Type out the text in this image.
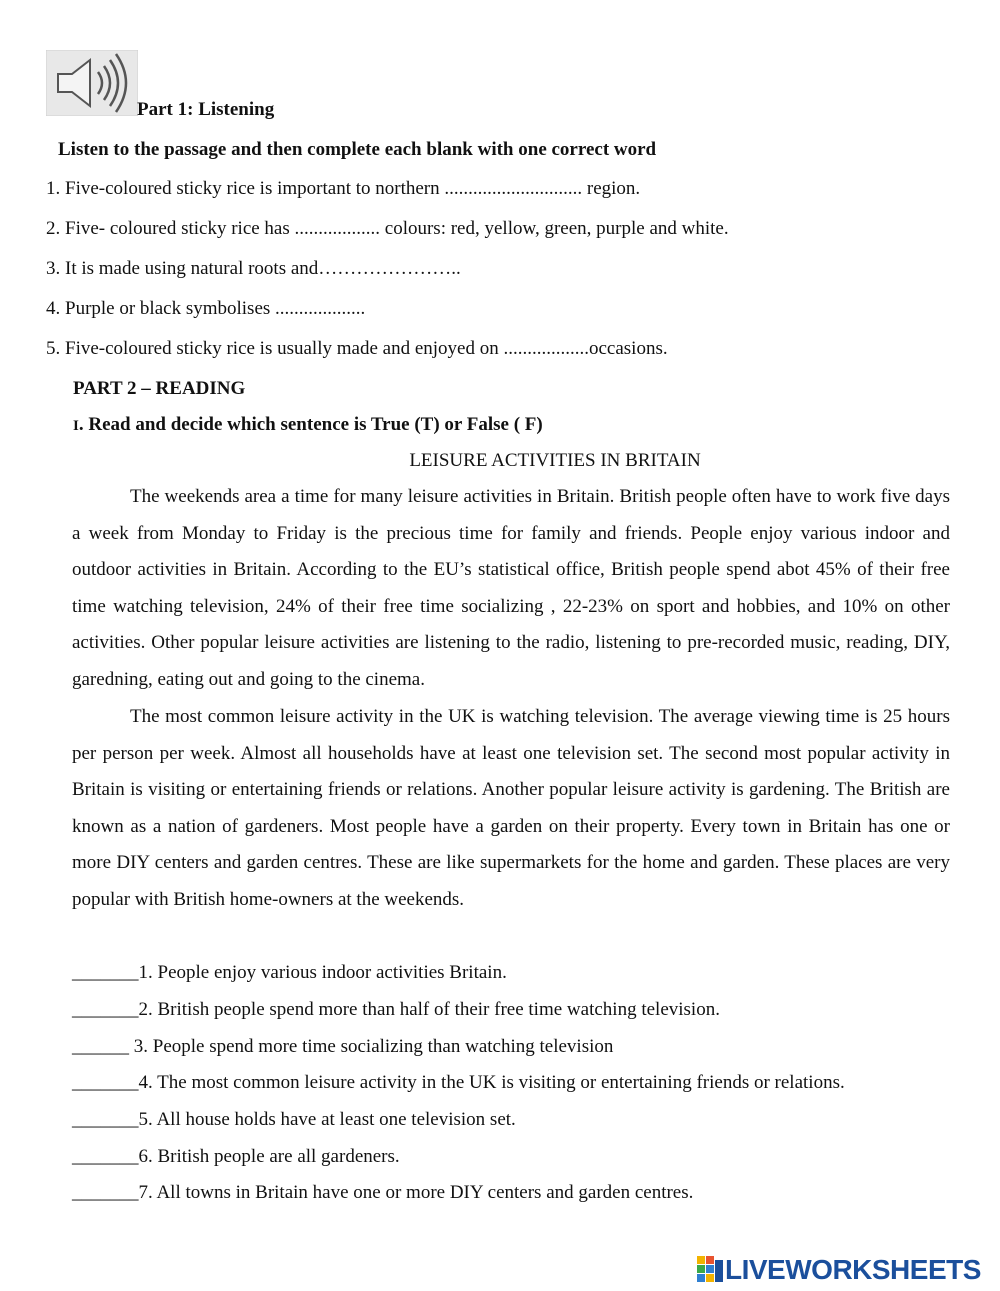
Part 1: Listening
Listen to the passage and then complete each blank with one correct word
1. Five-coloured sticky rice is important to northern ............................. region.
2. Five- coloured sticky rice has .................. colours: red, yellow, green, purple and white.
3. It is made using natural roots and…………………..
4. Purple or black symbolises ...................
5. Five-coloured sticky rice is usually made and enjoyed on ..................occasions.
PART 2 – READING
I. Read and decide which sentence is True (T) or False ( F)
LEISURE ACTIVITIES IN BRITAIN

The weekends area a time for many leisure activities in Britain. British people often have to work five days a week from Monday to Friday is the precious time for family and friends. People enjoy various indoor and outdoor activities in Britain. According to the EU’s statistical office, British people spend abot 45% of their free time watching television, 24% of their free time socializing , 22-23% on sport and hobbies, and 10% on other activities. Other popular leisure activities are listening to the radio, listening to pre-recorded music, reading, DIY, garedning, eating out and going to the cinema.

The most common leisure activity in the UK is watching television. The average viewing time is 25 hours per person per week. Almost all households have at least one television set. The second most popular activity in Britain is visiting or entertaining friends or relations. Another popular leisure activity is gardening. The British are known as a nation of gardeners. Most people have a garden on their property. Every town in Britain has one or more DIY centers and garden centres. These are like supermarkets for the home and garden. These places are very popular with British home-owners at the weekends.

_______1. People enjoy various indoor activities Britain.
_______2. British people spend more than half of their free time watching television.
______ 3. People spend more time socializing than watching television
_______4. The most common leisure activity in the UK is visiting or entertaining friends or relations.
_______5. All house holds have at least one television set.
_______6. British people are all gardeners.
_______7. All towns in Britain have one or more DIY centers and garden centres.
LIVEWORKSHEETS
